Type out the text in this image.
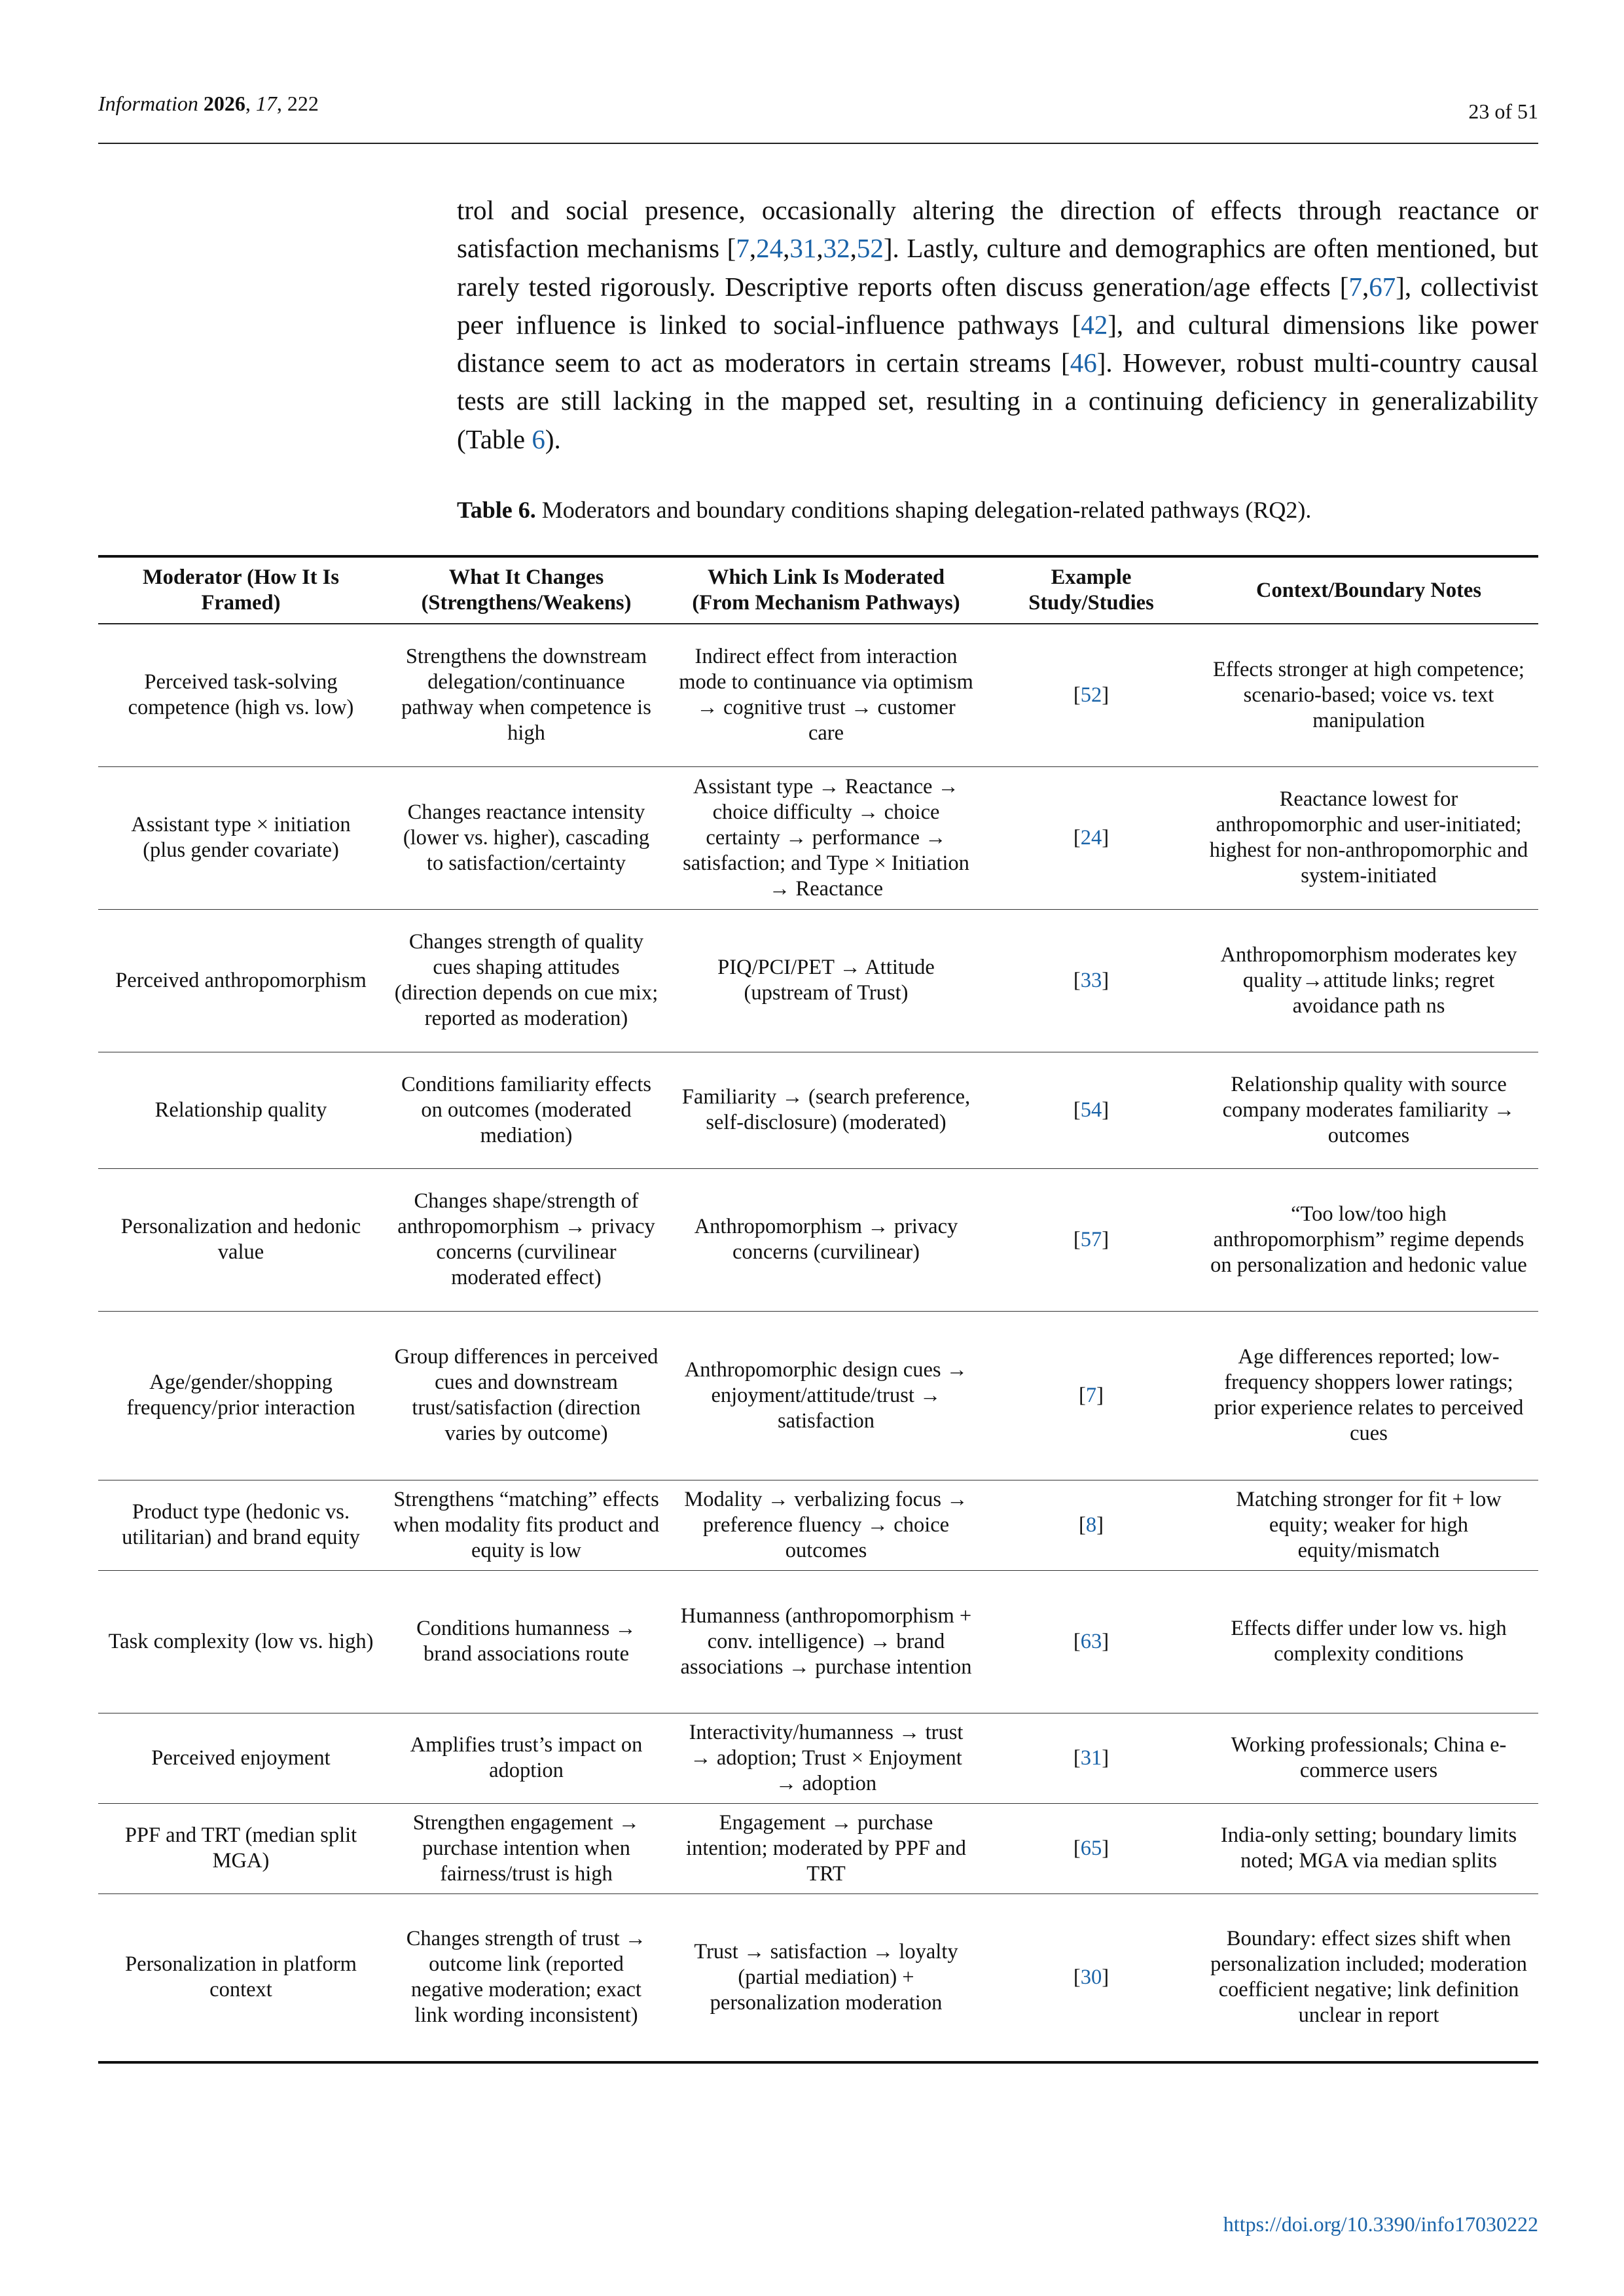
Information 2026, 17, 222	23 of 51
trol and social presence, occasionally altering the direction of effects through reactance or satisfaction mechanisms [7,24,31,32,52]. Lastly, culture and demographics are often mentioned, but rarely tested rigorously. Descriptive reports often discuss generation/age effects [7,67], collectivist peer influence is linked to social-influence pathways [42], and cultural dimensions like power distance seem to act as moderators in certain streams [46]. However, robust multi-country causal tests are still lacking in the mapped set, resulting in a continuing deficiency in generalizability (Table 6).
Table 6. Moderators and boundary conditions shaping delegation-related pathways (RQ2).
Moderator (How It Is Framed)	What It Changes (Strengthens/Weakens)	Which Link Is Moderated (From Mechanism Pathways)	Example Study/Studies	Context/Boundary Notes
Perceived task-solving competence (high vs. low)	Strengthens the downstream delegation/continuance pathway when competence is high	Indirect effect from interaction mode to continuance via optimism → cognitive trust → customer care	[52]	Effects stronger at high competence; scenario-based; voice vs. text manipulation
Assistant type × initiation (plus gender covariate)	Changes reactance intensity (lower vs. higher), cascading to satisfaction/certainty	Assistant type → Reactance → choice difficulty → choice certainty → performance → satisfaction; and Type × Initiation → Reactance	[24]	Reactance lowest for anthropomorphic and user-initiated; highest for non-anthropomorphic and system-initiated
Perceived anthropomorphism	Changes strength of quality cues shaping attitudes (direction depends on cue mix; reported as moderation)	PIQ/PCI/PET → Attitude (upstream of Trust)	[33]	Anthropomorphism moderates key quality→attitude links; regret avoidance path ns
Relationship quality	Conditions familiarity effects on outcomes (moderated mediation)	Familiarity → (search preference, self-disclosure) (moderated)	[54]	Relationship quality with source company moderates familiarity → outcomes
Personalization and hedonic value	Changes shape/strength of anthropomorphism → privacy concerns (curvilinear moderated effect)	Anthropomorphism → privacy concerns (curvilinear)	[57]	“Too low/too high anthropomorphism” regime depends on personalization and hedonic value
Age/gender/shopping frequency/prior interaction	Group differences in perceived cues and downstream trust/satisfaction (direction varies by outcome)	Anthropomorphic design cues → enjoyment/attitude/trust → satisfaction	[7]	Age differences reported; low-frequency shoppers lower ratings; prior experience relates to perceived cues
Product type (hedonic vs. utilitarian) and brand equity	Strengthens “matching” effects when modality fits product and equity is low	Modality → verbalizing focus → preference fluency → choice outcomes	[8]	Matching stronger for fit + low equity; weaker for high equity/mismatch
Task complexity (low vs. high)	Conditions humanness → brand associations route	Humanness (anthropomorphism + conv. intelligence) → brand associations → purchase intention	[63]	Effects differ under low vs. high complexity conditions
Perceived enjoyment	Amplifies trust’s impact on adoption	Interactivity/humanness → trust → adoption; Trust × Enjoyment → adoption	[31]	Working professionals; China e-commerce users
PPF and TRT (median split MGA)	Strengthen engagement → purchase intention when fairness/trust is high	Engagement → purchase intention; moderated by PPF and TRT	[65]	India-only setting; boundary limits noted; MGA via median splits
Personalization in platform context	Changes strength of trust → outcome link (reported negative moderation; exact link wording inconsistent)	Trust → satisfaction → loyalty (partial mediation) + personalization moderation	[30]	Boundary: effect sizes shift when personalization included; moderation coefficient negative; link definition unclear in report
https://doi.org/10.3390/info17030222
